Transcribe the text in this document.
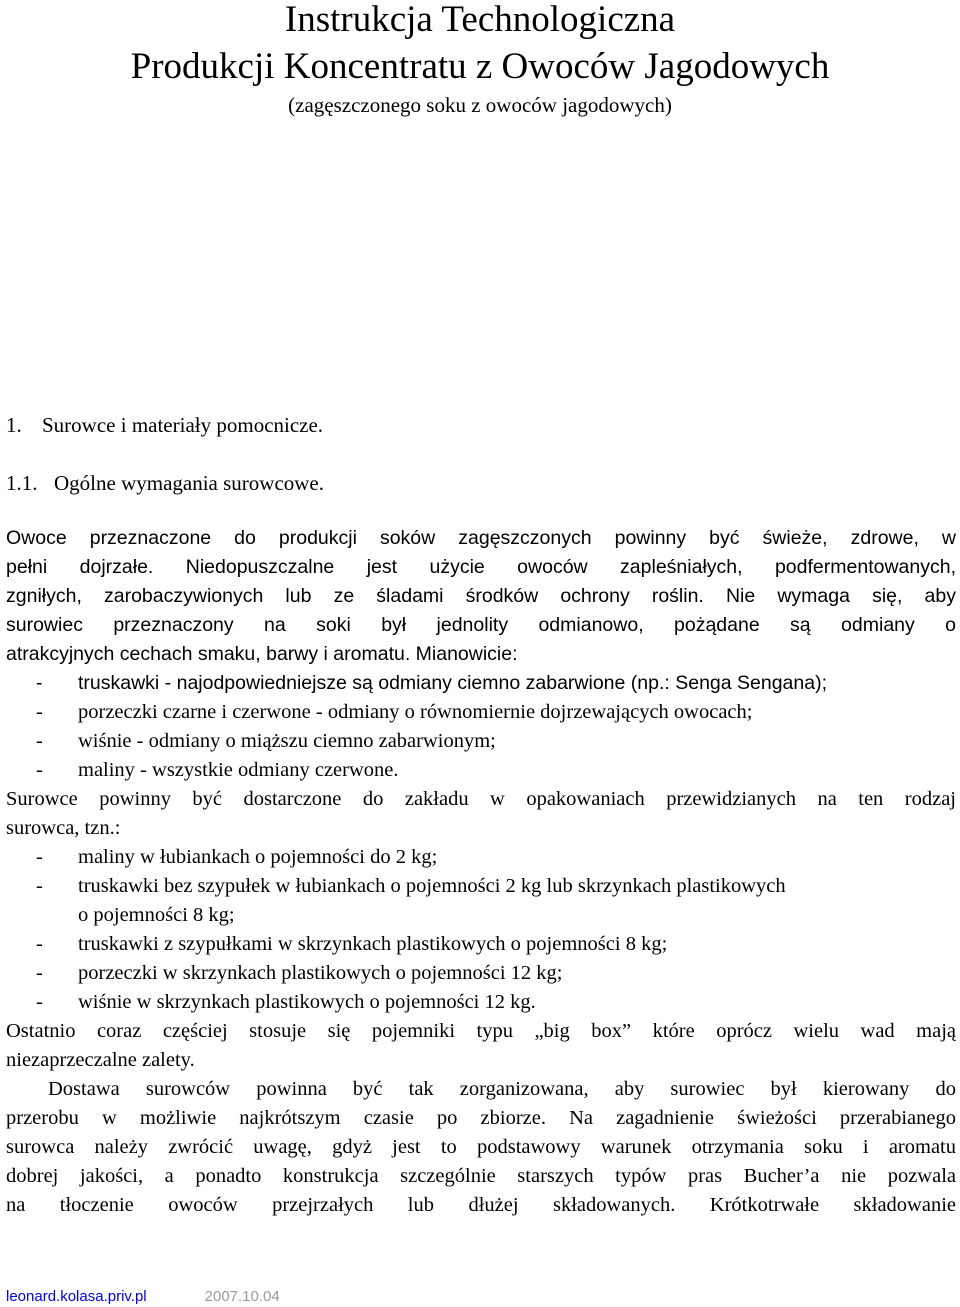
Instrukcja Technologiczna
Produkcji Koncentratu z Owoców Jagodowych
(zagęszczonego soku z owoców jagodowych)
1. Surowce i materiały pomocnicze.
1.1. Ogólne wymagania surowcowe.
Owoce przeznaczone do produkcji soków zagęszczonych powinny być świeże, zdrowe, w
pełni dojrzałe. Niedopuszczalne jest użycie owoców zapleśniałych, podfermentowanych,
zgniłych, zarobaczywionych lub ze śladami środków ochrony roślin. Nie wymaga się, aby
surowiec przeznaczony na soki był jednolity odmianowo, pożądane są odmiany o
atrakcyjnych cechach smaku, barwy i aromatu. Mianowicie:
- truskawki - najodpowiedniejsze są odmiany ciemno zabarwione (np.: Senga Sengana);
- porzeczki czarne i czerwone - odmiany o równomiernie dojrzewających owocach;
- wiśnie - odmiany o miąższu ciemno zabarwionym;
- maliny - wszystkie odmiany czerwone.
Surowce powinny być dostarczone do zakładu w opakowaniach przewidzianych na ten rodzaj
surowca, tzn.:
- maliny w łubiankach o pojemności do 2 kg;
- truskawki bez szypułek w łubiankach o pojemności 2 kg lub skrzynkach plastikowych
o pojemności 8 kg;
- truskawki z szypułkami w skrzynkach plastikowych o pojemności 8 kg;
- porzeczki w skrzynkach plastikowych o pojemności 12 kg;
- wiśnie w skrzynkach plastikowych o pojemności 12 kg.
Ostatnio coraz częściej stosuje się pojemniki typu „big box” które oprócz wielu wad mają
niezaprzeczalne zalety.
Dostawa surowców powinna być tak zorganizowana, aby surowiec był kierowany do
przerobu w możliwie najkrótszym czasie po zbiorze. Na zagadnienie świeżości przerabianego
surowca należy zwrócić uwagę, gdyż jest to podstawowy warunek otrzymania soku i aromatu
dobrej jakości, a ponadto konstrukcja szczególnie starszych typów pras Bucher’a nie pozwala
na tłoczenie owoców przejrzałych lub dłużej składowanych. Krótkotrwałe składowanie
leonard.kolasa.priv.pl	2007.10.04
